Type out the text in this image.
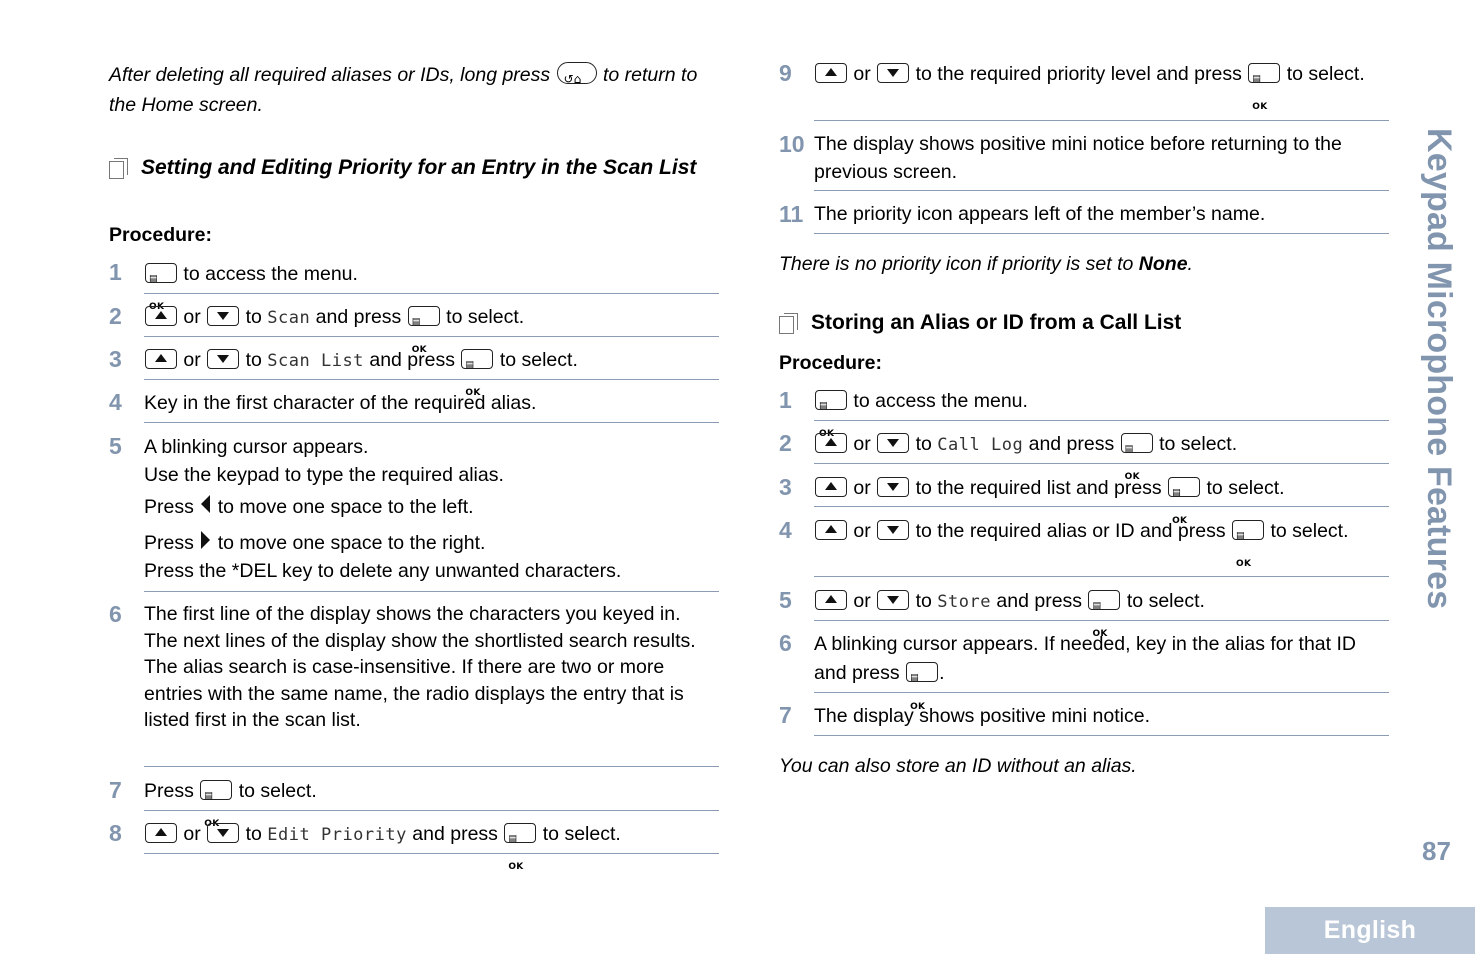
After deleting all required aliases or IDs, long press ↺⌂	to return to the Home screen.
Setting and Editing Priority for an Entry in the Scan List
Procedure:
1 ▤ OK	to access the menu.
2	or to Scan and press ▤ OK to select.
3	or to Scan List and press ▤ OK to select.
4 Key in the first character of the required alias.
5 A blinking cursor appears.
Use the keypad to type the required alias.
Press to move one space to the left.
Press to move one space to the right.
Press the *DEL key to delete any unwanted characters.
6 The first line of the display shows the characters you keyed in. The next lines of the display show the shortlisted search results.
The alias search is case-insensitive. If there are two or more entries with the same name, the radio displays the entry that is listed first in the scan list.
7 Press ▤ OK to select.
8	or to Edit Priority and press ▤ OK to select.
9	or to the required priority level and press ▤ OK to select.
10 The display shows positive mini notice before returning to the previous screen.
11 The priority icon appears left of the member’s name.
There is no priority icon if priority is set to None.
Storing an Alias or ID from a Call List
Procedure:
1 ▤ OK	to access the menu.
2	or to Call Log and press ▤ OK to select.
3	or to the required list and press ▤ OK to select.
4	or to the required alias or ID and press ▤ OK to select.
5	or to Store and press ▤ OK to select.
6 A blinking cursor appears. If needed, key in the alias for that ID and press ▤ OK .
7 The display shows positive mini notice.
You can also store an ID without an alias.
Keypad Microphone Features
87
English
